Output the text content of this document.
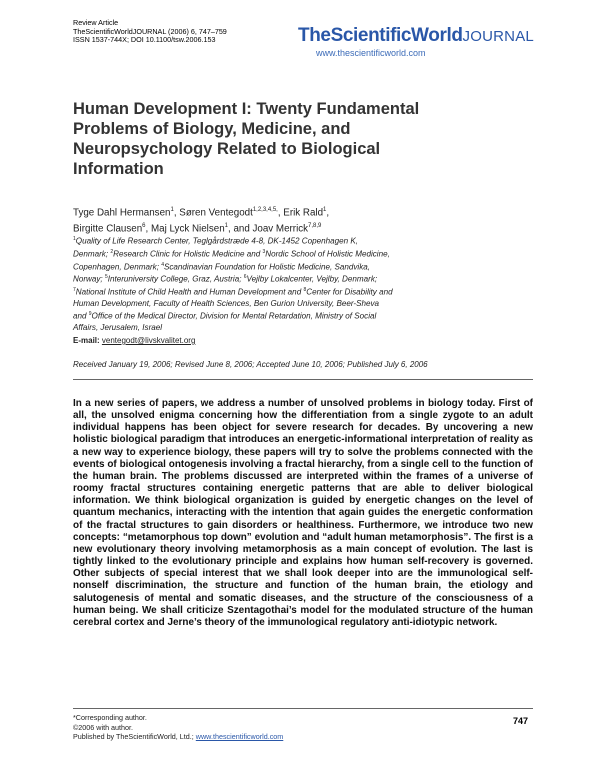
Review Article
TheScientificWorldJOURNAL (2006) 6, 747–759
ISSN 1537-744X; DOI 10.1100/tsw.2006.153	TheScientificWorldJOURNAL
www.thescientificworld.com
Human Development I: Twenty Fundamental Problems of Biology, Medicine, and Neuropsychology Related to Biological Information
Tyge Dahl Hermansen$^1$, Søren Ventegodt$^{1,2,3,4,5,}$, Erik Rald$^1$,
Birgitte Clausen$^6$, Maj Lyck Nielsen$^1$, and Joav Merrick$^{7,8,9}$
$^1$Quality of Life Research Center, Teglgårdstræde 4-8, DK-1452 Copenhagen K, Denmark; $^2$Research Clinic for Holistic Medicine and $^3$Nordic School of Holistic Medicine, Copenhagen, Denmark; $^4$Scandinavian Foundation for Holistic Medicine, Sandvika, Norway; $^5$Interuniversity College, Graz, Austria; $^6$Vejlby Lokalcenter, Vejlby, Denmark; $^7$National Institute of Child Health and Human Development and $^8$Center for Disability and Human Development, Faculty of Health Sciences, Ben Gurion University, Beer-Sheva and $^9$Office of the Medical Director, Division for Mental Retardation, Ministry of Social Affairs, Jerusalem, Israel
E-mail: ventegodt@livskvalitet.org
Received January 19, 2006; Revised June 8, 2006; Accepted June 10, 2006; Published July 6, 2006
In a new series of papers, we address a number of unsolved problems in biology today. First of all, the unsolved enigma concerning how the differentiation from a single zygote to an adult individual happens has been object for severe research for decades. By uncovering a new holistic biological paradigm that introduces an energetic-informational interpretation of reality as a new way to experience biology, these papers will try to solve the problems connected with the events of biological ontogenesis involving a fractal hierarchy, from a single cell to the function of the human brain. The problems discussed are interpreted within the frames of a universe of roomy fractal structures containing energetic patterns that are able to deliver biological information. We think biological organization is guided by energetic changes on the level of quantum mechanics, interacting with the intention that again guides the energetic conformation of the fractal structures to gain disorders or healthiness. Furthermore, we introduce two new concepts: “metamorphous top down” evolution and “adult human metamorphosis”. The first is a new evolutionary theory involving metamorphosis as a main concept of evolution. The last is tightly linked to the evolutionary principle and explains how human self-recovery is governed. Other subjects of special interest that we shall look deeper into are the immunological self-nonself discrimination, the structure and function of the human brain, the etiology and salutogenesis of mental and somatic diseases, and the structure of the consciousness of a human being. We shall criticize Szentagothai’s model for the modulated structure of the human cerebral cortex and Jerne’s theory of the immunological regulatory anti-idiotypic network.
*Corresponding author.
©2006 with author.
Published by TheScientificWorld, Ltd.; www.thescientificworld.com
747
